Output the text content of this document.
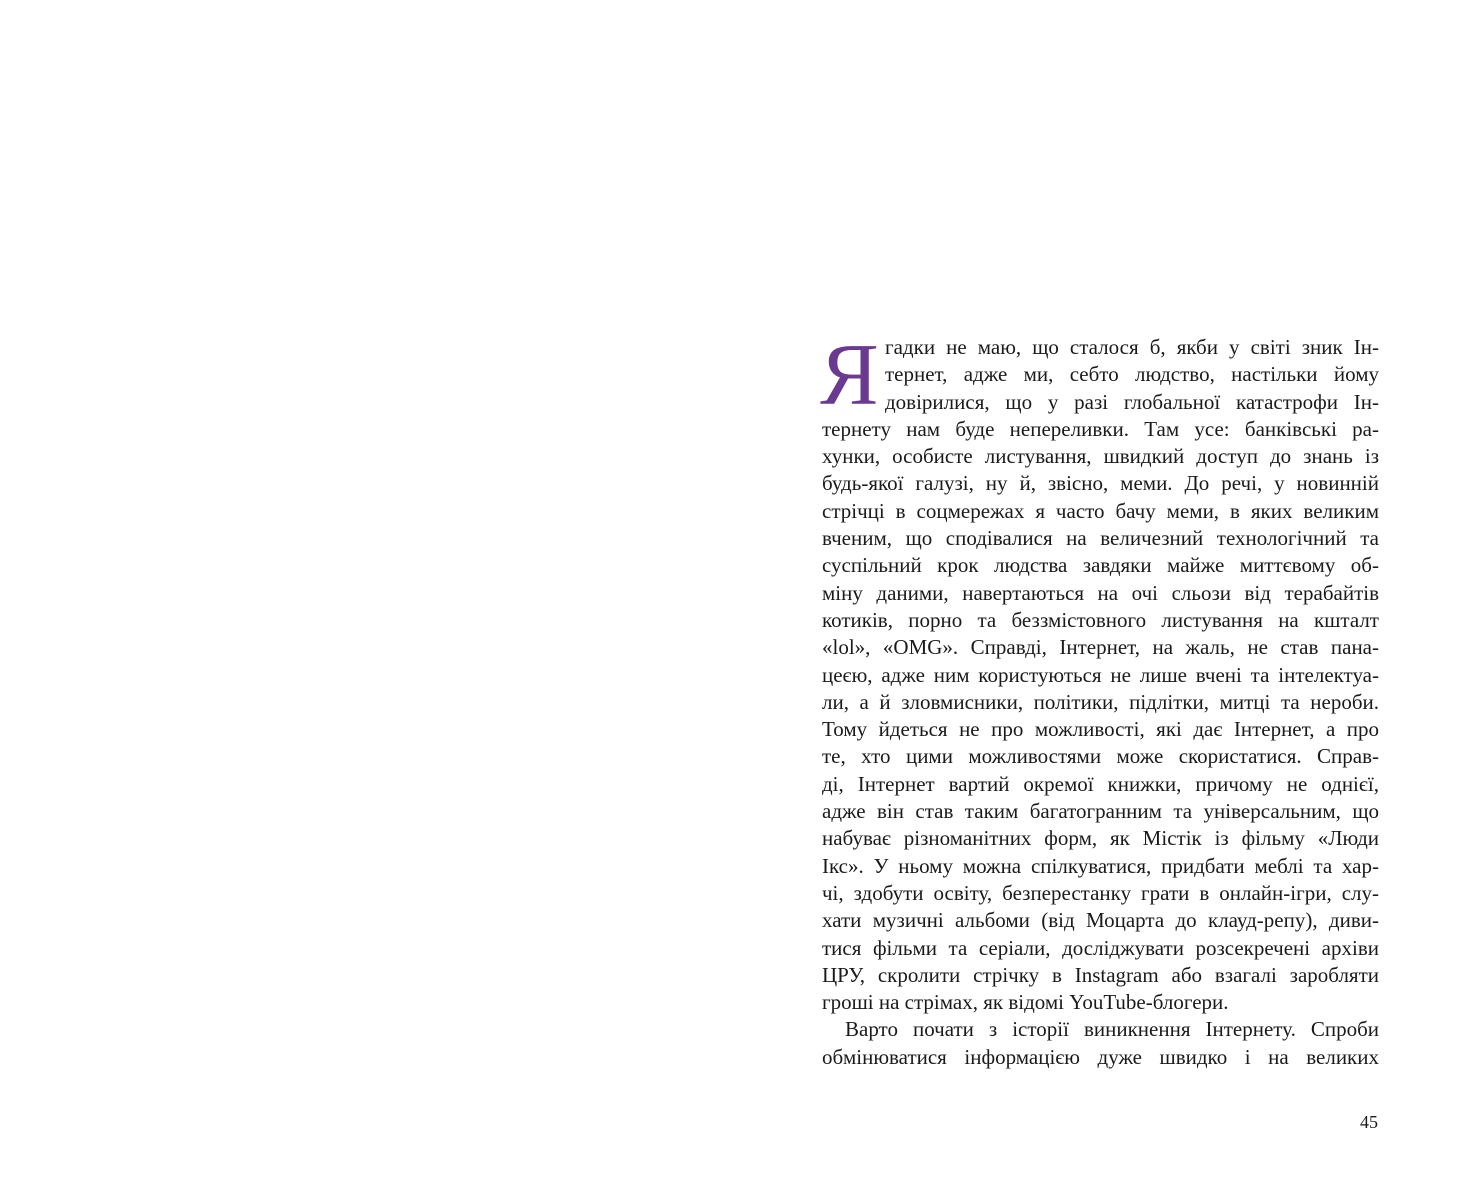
Я гадки не маю, що сталося б, якби у світі зник Ін-
тернет, адже ми, себто людство, настільки йому
довірилися, що у разі глобальної катастрофи Ін-
тернету нам буде непереливки. Там усе: банківські ра-
хунки, особисте листування, швидкий доступ до знань із
будь-якої галузі, ну й, звісно, меми. До речі, у новинній
стрічці в соцмережах я часто бачу меми, в яких великим
вченим, що сподівалися на величезний технологічний та
суспільний крок людства завдяки майже миттєвому об-
міну даними, навертаються на очі сльози від терабайтів
котиків, порно та беззмістовного листування на кшталт
«lol», «OMG». Справді, Інтернет, на жаль, не став пана-
цеєю, адже ним користуються не лише вчені та інтелектуа-
ли, а й зловмисники, політики, підлітки, митці та нероби.
Тому йдеться не про можливості, які дає Інтернет, а про
те, хто цими можливостями може скористатися. Справ-
ді, Інтернет вартий окремої книжки, причому не однієї,
адже він став таким багатогранним та універсальним, що
набуває різноманітних форм, як Містік із фільму «Люди
Ікс». У ньому можна спілкуватися, придбати меблі та хар-
чі, здобути освіту, безперестанку грати в онлайн-ігри, слу-
хати музичні альбоми (від Моцарта до клауд-репу), диви-
тися фільми та серіали, досліджувати розсекречені архіви
ЦРУ, скролити стрічку в Instagram або взагалі заробляти
гроші на стрімах, як відомі YouTube-блогери.
Варто почати з історії виникнення Інтернету. Спроби
обмінюватися інформацією дуже швидко і на великих
45
